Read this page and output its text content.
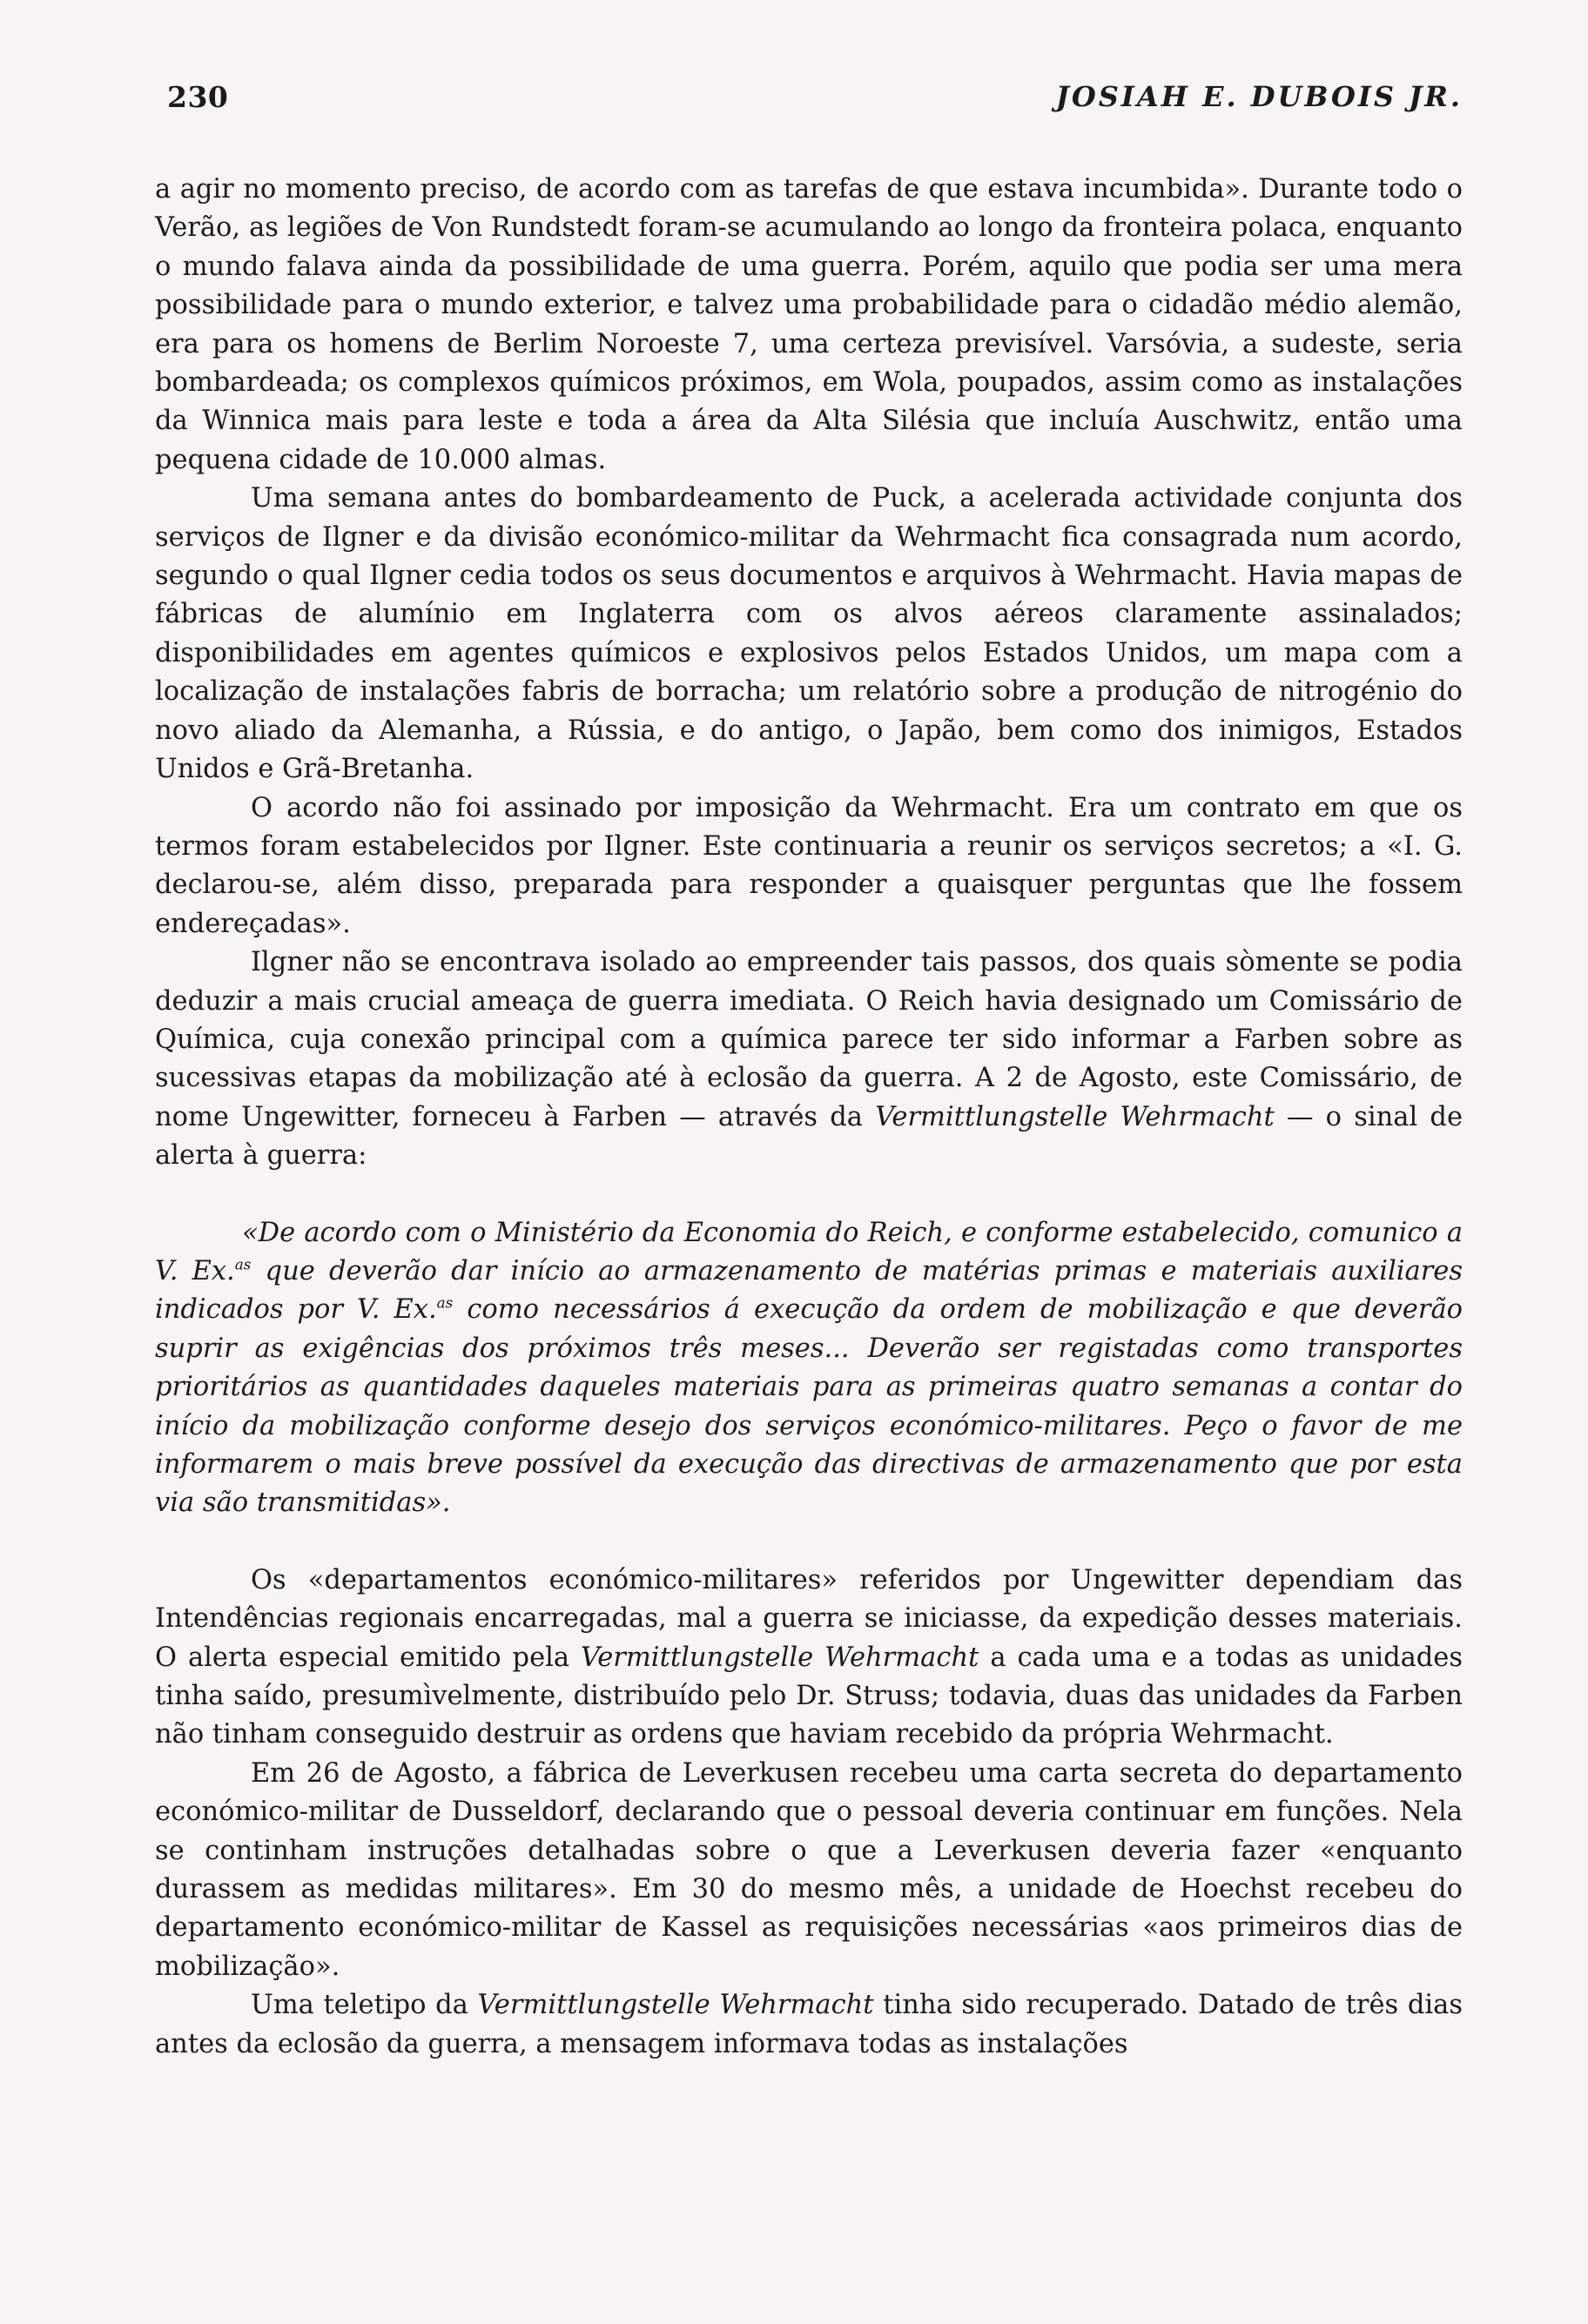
230	JOSIAH E. DUBOIS JR.

a agir no momento preciso, de acordo com as tarefas de que estava incumbida». Durante todo o Verão, as legiões de Von Rundstedt foram-se acumulando ao longo da fronteira polaca, enquanto o mundo falava ainda da possibilidade de uma guerra. Porém, aquilo que podia ser uma mera possibilidade para o mundo exterior, e talvez uma probabilidade para o cidadão médio alemão, era para os homens de Berlim Noroeste 7, uma certeza previsível. Varsóvia, a sudeste, seria bombardeada; os complexos químicos próximos, em Wola, poupados, assim como as instalações da Winnica mais para leste e toda a área da Alta Silésia que incluía Auschwitz, então uma pequena cidade de 10.000 almas.

Uma semana antes do bombardeamento de Puck, a acelerada actividade conjunta dos serviços de Ilgner e da divisão económico-militar da Wehrmacht fica consagrada num acordo, segundo o qual Ilgner cedia todos os seus documentos e arquivos à Wehrmacht. Havia mapas de fábricas de alumínio em Inglaterra com os alvos aéreos claramente assinalados; disponibilidades em agentes químicos e explosivos pelos Estados Unidos, um mapa com a localização de instalações fabris de borracha; um relatório sobre a produção de nitrogénio do novo aliado da Alemanha, a Rússia, e do antigo, o Japão, bem como dos inimigos, Estados Unidos e Grã-Bretanha.

O acordo não foi assinado por imposição da Wehrmacht. Era um contrato em que os termos foram estabelecidos por Ilgner. Este continuaria a reunir os serviços secretos; a «I. G. declarou-se, além disso, preparada para responder a quaisquer perguntas que lhe fossem endereçadas».

Ilgner não se encontrava isolado ao empreender tais passos, dos quais sòmente se podia deduzir a mais crucial ameaça de guerra imediata. O Reich havia designado um Comissário de Química, cuja conexão principal com a química parece ter sido informar a Farben sobre as sucessivas etapas da mobilização até à eclosão da guerra. A 2 de Agosto, este Comissário, de nome Ungewitter, forneceu à Farben — através da Vermittlungstelle Wehrmacht — o sinal de alerta à guerra:

«De acordo com o Ministério da Economia do Reich, e conforme estabelecido, comunico a V. Ex.$^{as}$ que deverão dar início ao armazenamento de matérias primas e materiais auxiliares indicados por V. Ex.$^{as}$ como necessários á execução da ordem de mobilização e que deverão suprir as exigências dos próximos três meses... Deverão ser registadas como transportes prioritários as quantidades daqueles materiais para as primeiras quatro semanas a contar do início da mobilização conforme desejo dos serviços económico-militares. Peço o favor de me informarem o mais breve possível da execução das directivas de armazenamento que por esta via são transmitidas».

Os «departamentos económico-militares» referidos por Ungewitter dependiam das Intendências regionais encarregadas, mal a guerra se iniciasse, da expedição desses materiais. O alerta especial emitido pela Vermittlungstelle Wehrmacht a cada uma e a todas as unidades tinha saído, presumìvelmente, distribuído pelo Dr. Struss; todavia, duas das unidades da Farben não tinham conseguido destruir as ordens que haviam recebido da própria Wehrmacht.

Em 26 de Agosto, a fábrica de Leverkusen recebeu uma carta secreta do departamento económico-militar de Dusseldorf, declarando que o pessoal deveria continuar em funções. Nela se continham instruções detalhadas sobre o que a Leverkusen deveria fazer «enquanto durassem as medidas militares». Em 30 do mesmo mês, a unidade de Hoechst recebeu do departamento económico-militar de Kassel as requisições necessárias «aos primeiros dias de mobilização».

Uma teletipo da Vermittlungstelle Wehrmacht tinha sido recuperado. Datado de três dias antes da eclosão da guerra, a mensagem informava todas as instalações
